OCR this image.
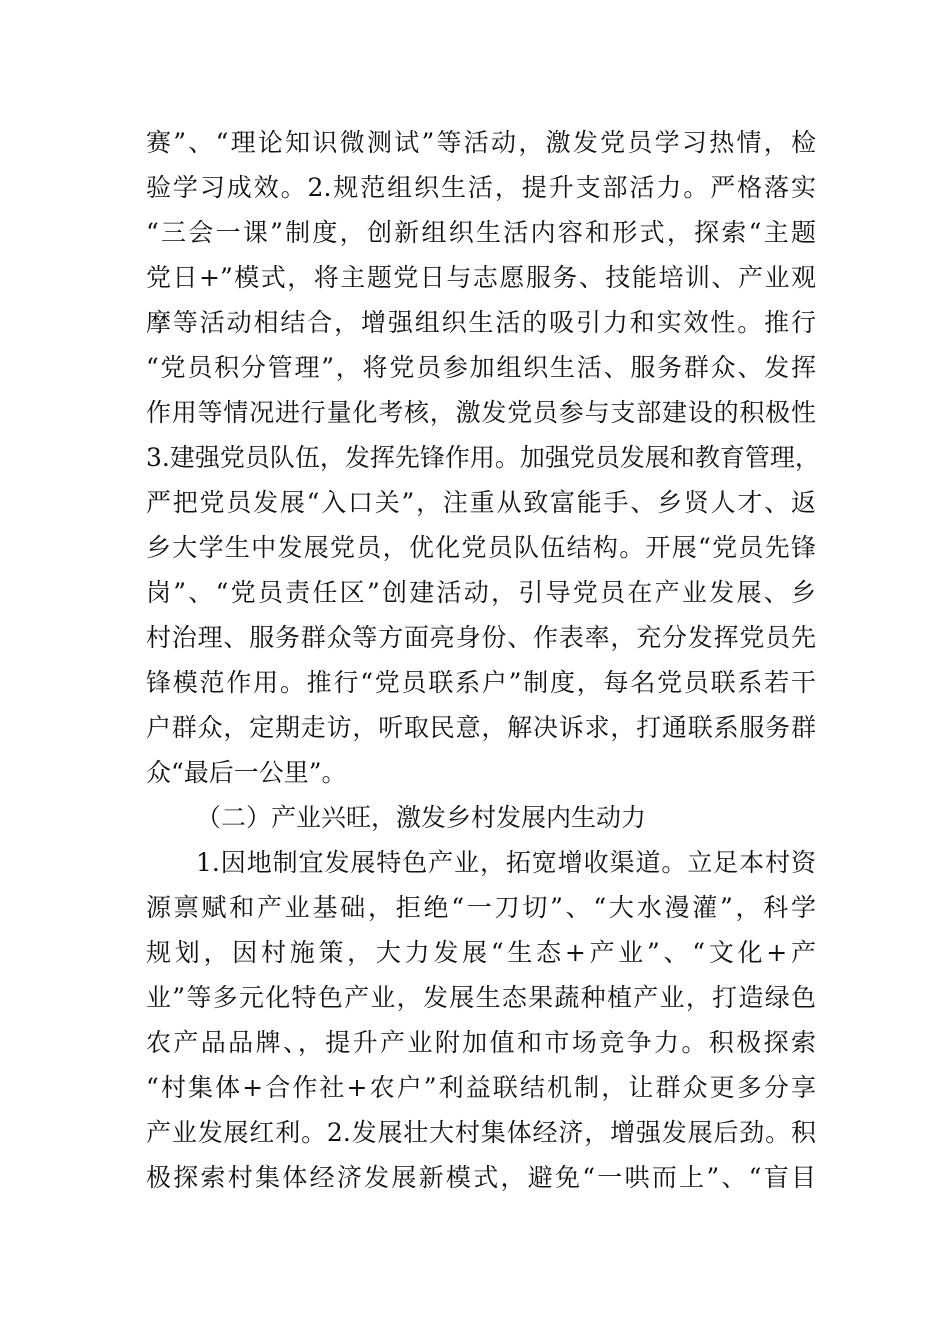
赛”、“理论知识微测试”等活动，激发党员学习热情，检
验学习成效。2.规范组织生活，提升支部活力。严格落实
“三会一课”制度，创新组织生活内容和形式，探索“主题
党日+”模式，将主题党日与志愿服务、技能培训、产业观
摩等活动相结合，增强组织生活的吸引力和实效性。推行
“党员积分管理”，将党员参加组织生活、服务群众、发挥
作用等情况进行量化考核，激发党员参与支部建设的积极性
3.建强党员队伍，发挥先锋作用。加强党员发展和教育管理，
严把党员发展“入口关”，注重从致富能手、乡贤人才、返
乡大学生中发展党员，优化党员队伍结构。开展“党员先锋
岗”、“党员责任区”创建活动，引导党员在产业发展、乡
村治理、服务群众等方面亮身份、作表率，充分发挥党员先
锋模范作用。推行“党员联系户”制度，每名党员联系若干
户群众，定期走访，听取民意，解决诉求，打通联系服务群
众“最后一公里”。
（二）产业兴旺，激发乡村发展内生动力
1.因地制宜发展特色产业，拓宽增收渠道。立足本村资
源禀赋和产业基础，拒绝“一刀切”、“大水漫灌”，科学
规划，因村施策，大力发展“生态+产业”、“文化+产
业”等多元化特色产业，发展生态果蔬种植产业，打造绿色
农产品品牌、，提升产业附加值和市场竞争力。积极探索
“村集体+合作社+农户”利益联结机制，让群众更多分享
产业发展红利。2.发展壮大村集体经济，增强发展后劲。积
极探索村集体经济发展新模式，避免“一哄而上”、“盲目
